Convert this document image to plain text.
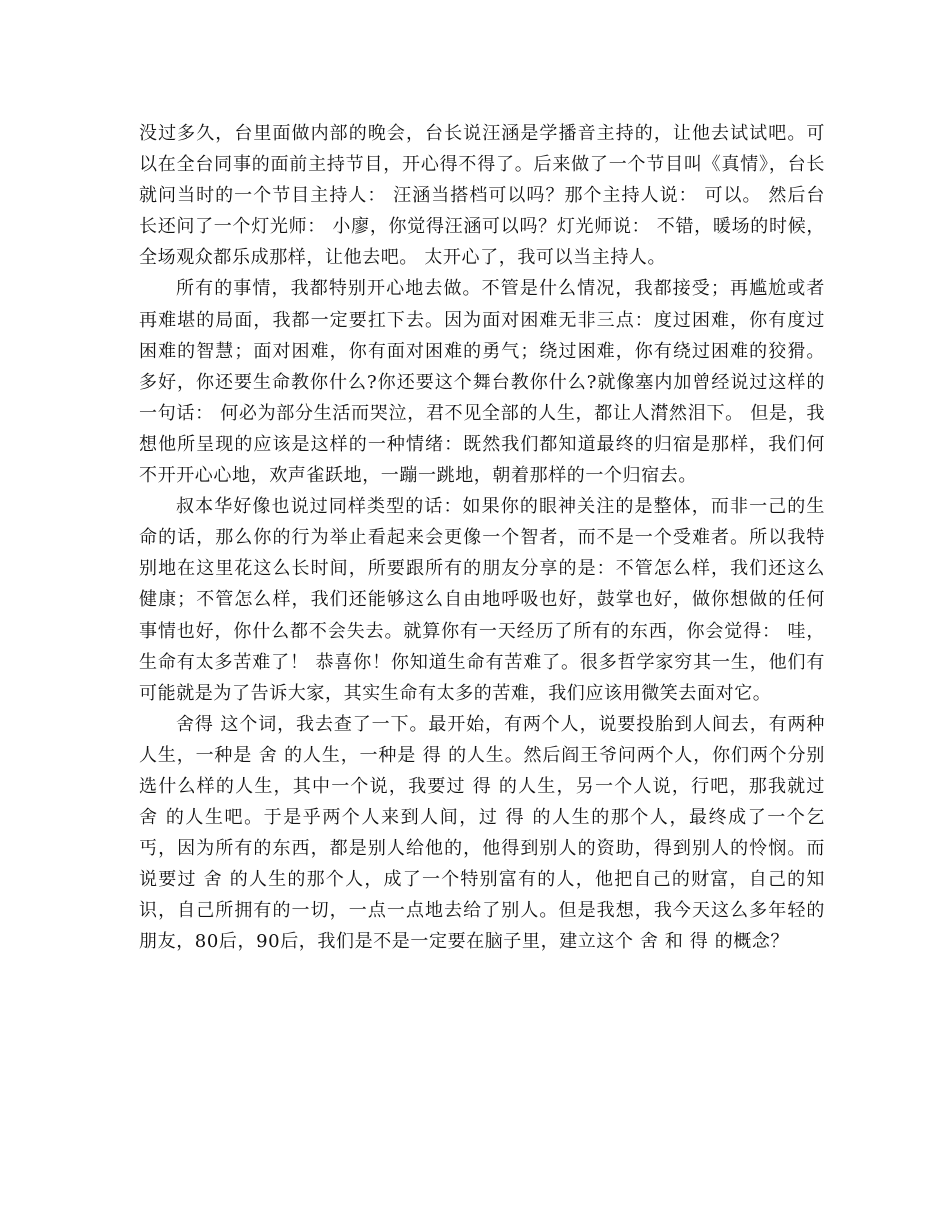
没过多久，台里面做内部的晚会，台长说汪涵是学播音主持的，让他去试试吧。可以在全台同事的面前主持节目，开心得不得了。后来做了一个节目叫《真情》，台长就问当时的一个节目主持人： 汪涵当搭档可以吗？那个主持人说： 可以。 然后台长还问了一个灯光师： 小廖，你觉得汪涵可以吗？灯光师说： 不错，暖场的时候，全场观众都乐成那样，让他去吧。 太开心了，我可以当主持人。

所有的事情，我都特别开心地去做。不管是什么情况，我都接受；再尴尬或者再难堪的局面，我都一定要扛下去。因为面对困难无非三点：度过困难，你有度过困难的智慧；面对困难，你有面对困难的勇气；绕过困难，你有绕过困难的狡猾。多好，你还要生命教你什么?你还要这个舞台教你什么?就像塞内加曾经说过这样的一句话： 何必为部分生活而哭泣，君不见全部的人生，都让人潸然泪下。 但是，我想他所呈现的应该是这样的一种情绪：既然我们都知道最终的归宿是那样，我们何不开开心心地，欢声雀跃地，一蹦一跳地，朝着那样的一个归宿去。

叔本华好像也说过同样类型的话：如果你的眼神关注的是整体，而非一己的生命的话，那么你的行为举止看起来会更像一个智者，而不是一个受难者。所以我特别地在这里花这么长时间，所要跟所有的朋友分享的是：不管怎么样，我们还这么健康；不管怎么样，我们还能够这么自由地呼吸也好，鼓掌也好，做你想做的任何事情也好，你什么都不会失去。就算你有一天经历了所有的东西，你会觉得： 哇，生命有太多苦难了！ 恭喜你！你知道生命有苦难了。很多哲学家穷其一生，他们有可能就是为了告诉大家，其实生命有太多的苦难，我们应该用微笑去面对它。

舍得 这个词，我去查了一下。最开始，有两个人，说要投胎到人间去，有两种人生，一种是 舍 的人生，一种是 得 的人生。然后阎王爷问两个人，你们两个分别选什么样的人生，其中一个说，我要过 得 的人生，另一个人说，行吧，那我就过 舍 的人生吧。于是乎两个人来到人间，过 得 的人生的那个人，最终成了一个乞丐，因为所有的东西，都是别人给他的，他得到别人的资助，得到别人的怜悯。而说要过 舍 的人生的那个人，成了一个特别富有的人，他把自己的财富，自己的知识，自己所拥有的一切，一点一点地去给了别人。但是我想，我今天这么多年轻的朋友，80后，90后，我们是不是一定要在脑子里，建立这个 舍 和 得 的概念？
